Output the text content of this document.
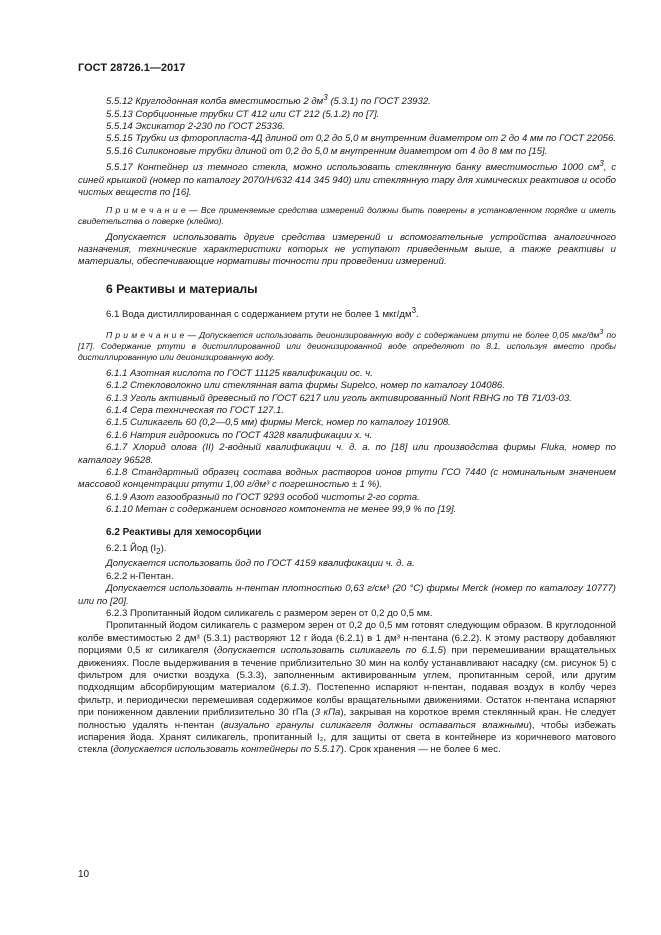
ГОСТ 28726.1—2017

5.5.12 Круглодонная колба вместимостью 2 $дм^3$ (5.3.1) по ГОСТ 23932.

5.5.13 Сорбционные трубки СТ 412 или СТ 212 (5.1.2) по [7].

5.5.14 Эксикатор 2-230 по ГОСТ 25336.

5.5.15 Трубки из фторопласта-4Д длиной от 0,2 до 5,0 м внутренним диаметром от 2 до 4 мм по ГОСТ 22056.

5.5.16 Силиконовые трубки длиной от 0,2 до 5,0 м внутренним диаметром от 4 до 8 мм по [15].

5.5.17 Контейнер из темного стекла, можно использовать стеклянную банку вместимостью 1000 $см^3$, с синей крышкой (номер по каталогу 2070/Н/632 414 345 940) или стеклянную тару для химических реактивов и особо чистых веществ по [16].

П р и м е ч а н и е — Все применяемые средства измерений должны быть поверены в установленном порядке и иметь свидетельства о поверке (клеймо).

Допускается использовать другие средства измерений и вспомогательные устройства аналогичного назначения, технические характеристики которых не уступают приведенным выше, а также реактивы и материалы, обеспечивающие нормативы точности при проведении измерений.

6 Реактивы и материалы

6.1 Вода дистиллированная с содержанием ртути не более 1 мкг/$дм^3$.

П р и м е ч а н и е — Допускается использовать деионизированную воду с содержанием ртути не более 0,05 мкг/$дм^3$ по [17]. Содержание ртути в дистиллированной или деионизированной воде определяют по 8.1, используя вместо пробы дистиллированную или деионизированную воду.

6.1.1 Азотная кислота по ГОСТ 11125 квалификации ос. ч.

6.1.2 Стекловолокно или стеклянная вата фирмы Supelco, номер по каталогу 104086.

6.1.3 Уголь активный древесный по ГОСТ 6217 или уголь активированный Norit RBHG по ТВ 71/03-03.

6.1.4 Сера техническая по ГОСТ 127.1.

6.1.5 Силикагель 60 (0,2—0,5 мм) фирмы Merck, номер по каталогу 101908.

6.1.6 Натрия гидроокись по ГОСТ 4328 квалификации х. ч.

6.1.7 Хлорид олова (II) 2-водный квалификации ч. д. а. по [18] или производства фирмы Fluka, номер по каталогу 96528.

6.1.8 Стандартный образец состава водных растворов ионов ртути ГСО 7440 (с номинальным значением массовой концентрации ртути 1,00 г/дм³ с погрешностью ± 1 %).

6.1.9 Азот газообразный по ГОСТ 9293 особой чистоты 2-го сорта.

6.1.10 Метан с содержанием основного компонента не менее 99,9 % по [19].

6.2 Реактивы для хемосорбции

6.2.1 Йод $(I_2)$.

Допускается использовать йод по ГОСТ 4159 квалификации ч. д. а.

6.2.2 н-Пентан.

Допускается использовать н-пентан плотностью 0,63 г/см³ (20 °С) фирмы Merck (номер по каталогу 10777) или по [20].

6.2.3 Пропитанный йодом силикагель с размером зерен от 0,2 до 0,5 мм.

Пропитанный йодом силикагель с размером зерен от 0,2 до 0,5 мм готовят следующим образом. В круглодонной колбе вместимостью 2 дм³ (5.3.1) растворяют 12 г йода (6.2.1) в 1 дм³ н-пентана (6.2.2). К этому раствору добавляют порциями 0,5 кг силикагеля (допускается использовать силикагель по 6.1.5) при перемешивании вращательных движениях. После выдерживания в течение приблизительно 30 мин на колбу устанавливают насадку (см. рисунок 5) с фильтром для очистки воздуха (5.3.3), заполненным активированным углем, пропитанным серой, или другим подходящим абсорбирующим материалом (6.1.3). Постепенно испаряют н-пентан, подавая воздух в колбу через фильтр, и периодически перемешивая содержимое колбы вращательными движениями. Остаток н-пентана испаряют при пониженном давлении приблизительно 30 гПа (3 кПа), закрывая на короткое время стеклянный кран. Не следует полностью удалять н-пентан (визуально гранулы силикагеля должны оставаться влажными), чтобы избежать испарения йода. Хранят силикагель, пропитанный I₂, для защиты от света в контейнере из коричневого матового стекла (допускается использовать контейнеры по 5.5.17). Срок хранения — не более 6 мес.

10
